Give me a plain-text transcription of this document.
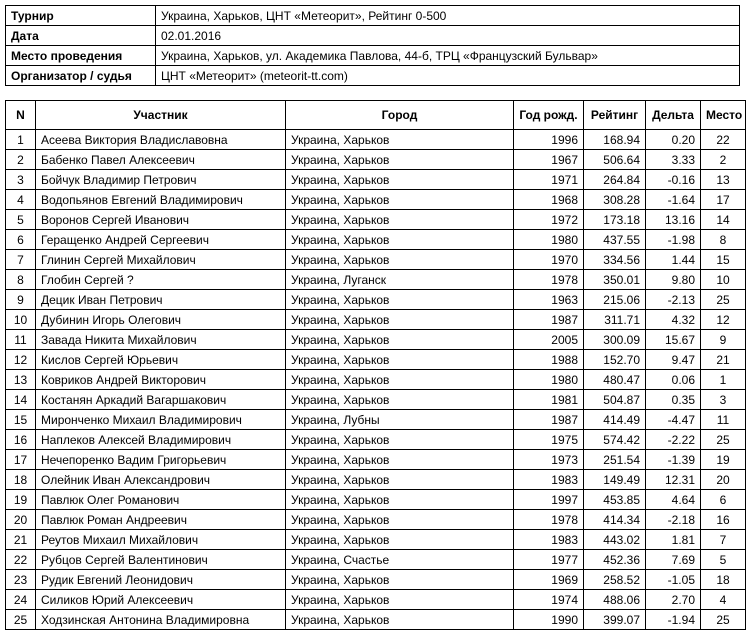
Турнир	Украина, Харьков, ЦНТ «Метеорит», Рейтинг 0-500
Дата	02.01.2016
Место проведения	Украина, Харьков, ул. Академика Павлова, 44-б, ТРЦ «Французский Бульвар»
Организатор / судья	ЦНТ «Метеорит» (meteorit-tt.com)
N	Участник	Город	Год рожд.	Рейтинг	Дельта	Место
1	Асеева Виктория Владиславовна	Украина, Харьков	1996	168.94	0.20	22
2	Бабенко Павел Алексеевич	Украина, Харьков	1967	506.64	3.33	2
3	Бойчук Владимир Петрович	Украина, Харьков	1971	264.84	-0.16	13
4	Водопьянов Евгений Владимирович	Украина, Харьков	1968	308.28	-1.64	17
5	Воронов Сергей Иванович	Украина, Харьков	1972	173.18	13.16	14
6	Геращенко Андрей Сергеевич	Украина, Харьков	1980	437.55	-1.98	8
7	Глинин Сергей Михайлович	Украина, Харьков	1970	334.56	1.44	15
8	Глобин Сергей ?	Украина, Луганск	1978	350.01	9.80	10
9	Децик Иван Петрович	Украина, Харьков	1963	215.06	-2.13	25
10	Дубинин Игорь Олегович	Украина, Харьков	1987	311.71	4.32	12
11	Завада Никита Михайлович	Украина, Харьков	2005	300.09	15.67	9
12	Кислов Сергей Юрьевич	Украина, Харьков	1988	152.70	9.47	21
13	Ковриков Андрей Викторович	Украина, Харьков	1980	480.47	0.06	1
14	Костанян Аркадий Вагаршакович	Украина, Харьков	1981	504.87	0.35	3
15	Миронченко Михаил Владимирович	Украина, Лубны	1987	414.49	-4.47	11
16	Наплеков Алексей Владимирович	Украина, Харьков	1975	574.42	-2.22	25
17	Нечепоренко Вадим Григорьевич	Украина, Харьков	1973	251.54	-1.39	19
18	Олейник Иван Александрович	Украина, Харьков	1983	149.49	12.31	20
19	Павлюк Олег Романович	Украина, Харьков	1997	453.85	4.64	6
20	Павлюк Роман Андреевич	Украина, Харьков	1978	414.34	-2.18	16
21	Реутов Михаил Михайлович	Украина, Харьков	1983	443.02	1.81	7
22	Рубцов Сергей Валентинович	Украина, Счастье	1977	452.36	7.69	5
23	Рудик Евгений Леонидович	Украина, Харьков	1969	258.52	-1.05	18
24	Силиков Юрий Алексеевич	Украина, Харьков	1974	488.06	2.70	4
25	Ходзинская Антонина Владимировна	Украина, Харьков	1990	399.07	-1.94	25
